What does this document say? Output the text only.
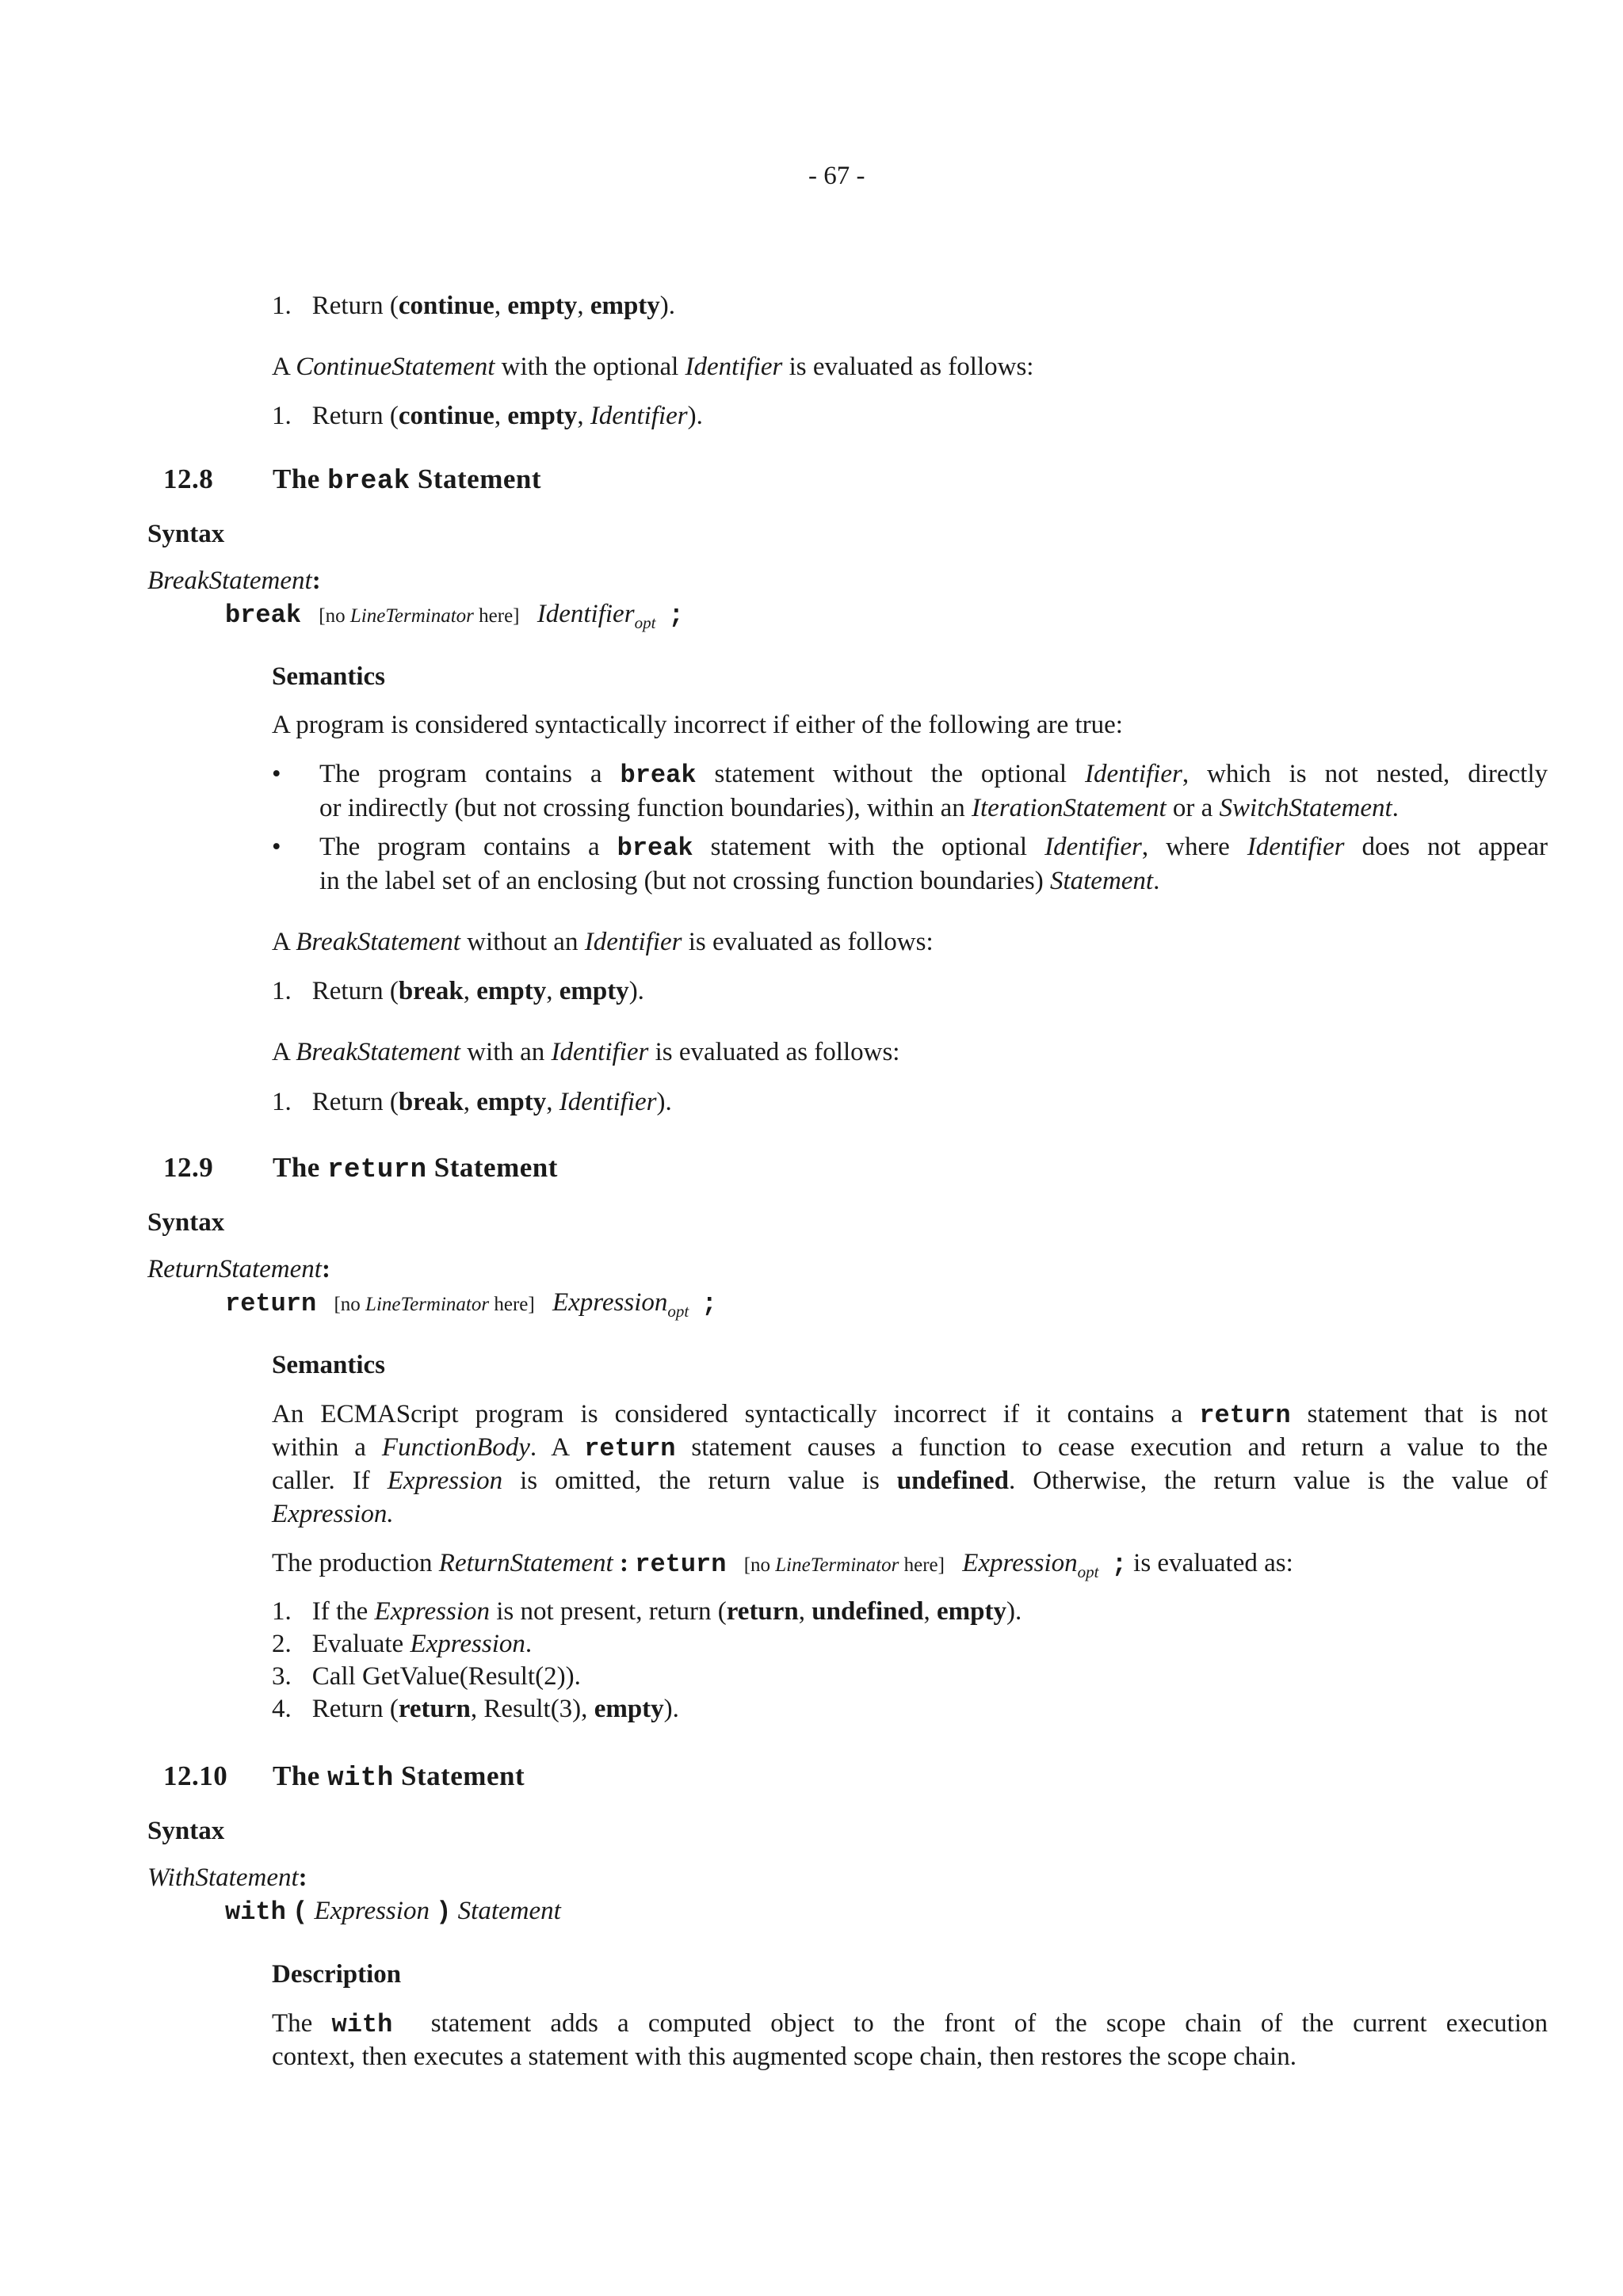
- 67 -
1. Return (continue, empty, empty).
A ContinueStatement with the optional Identifier is evaluated as follows:
1. Return (continue, empty, Identifier).
12.8 The break Statement
Syntax
BreakStatement:
break [no LineTerminator here] Identifier$_{opt}$ ;
Semantics
A program is considered syntactically incorrect if either of the following are true:
• The program contains a break statement without the optional Identifier, which is not nested, directly
or indirectly (but not crossing function boundaries), within an IterationStatement or a SwitchStatement.
• The program contains a break statement with the optional Identifier, where Identifier does not appear
in the label set of an enclosing (but not crossing function boundaries) Statement.
A BreakStatement without an Identifier is evaluated as follows:
1. Return (break, empty, empty).
A BreakStatement with an Identifier is evaluated as follows:
1. Return (break, empty, Identifier).
12.9 The return Statement
Syntax
ReturnStatement:
return [no LineTerminator here] Expression$_{opt}$ ;
Semantics
An ECMAScript program is considered syntactically incorrect if it contains a return statement that is not
within a FunctionBody. A return statement causes a function to cease execution and return a value to the
caller. If Expression is omitted, the return value is undefined. Otherwise, the return value is the value of
Expression.
The production ReturnStatement : return [no LineTerminator here] Expression$_{opt}$ ; is evaluated as:
1. If the Expression is not present, return (return, undefined, empty).
2. Evaluate Expression.
3. Call GetValue(Result(2)).
4. Return (return, Result(3), empty).
12.10 The with Statement
Syntax
WithStatement:
with ( Expression ) Statement
Description
The with statement adds a computed object to the front of the scope chain of the current execution
context, then executes a statement with this augmented scope chain, then restores the scope chain.
